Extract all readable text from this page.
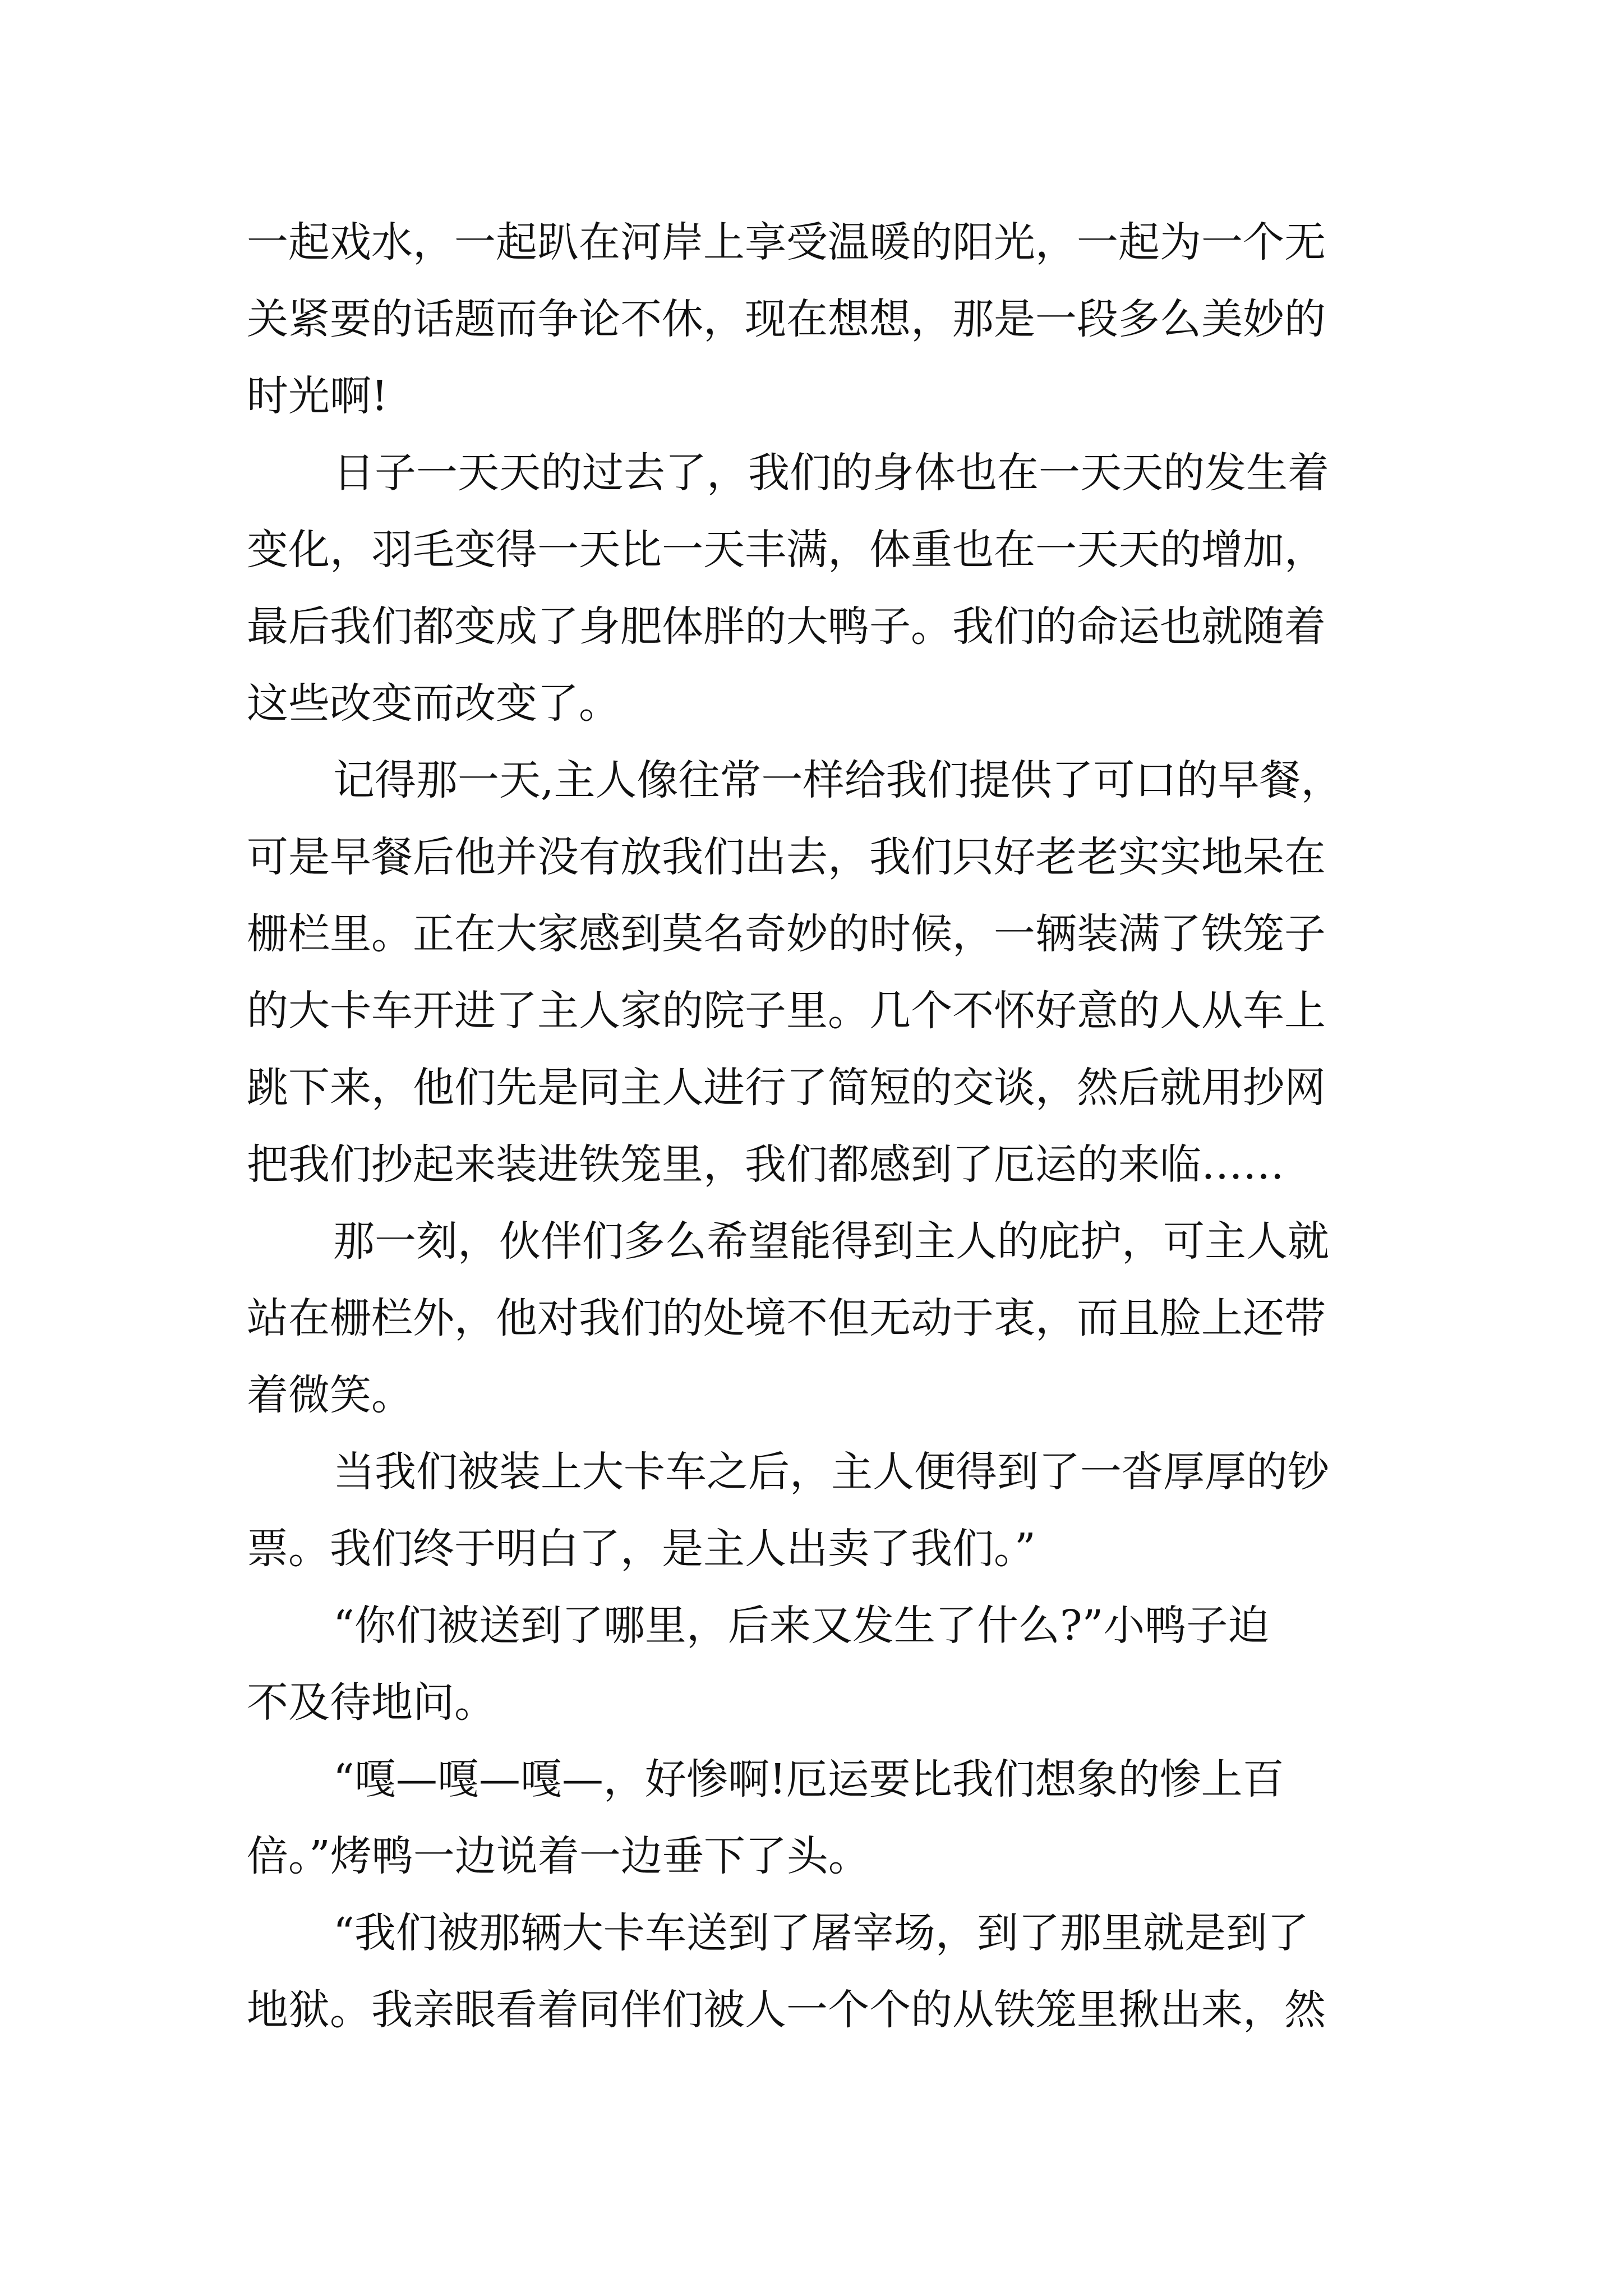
一起戏水，一起趴在河岸上享受温暖的阳光，一起为一个无

关紧要的话题而争论不休，现在想想，那是一段多么美妙的

时光啊!

日子一天天的过去了，我们的身体也在一天天的发生着

变化，羽毛变得一天比一天丰满，体重也在一天天的增加，

最后我们都变成了身肥体胖的大鸭子。我们的命运也就随着

这些改变而改变了。

记得那一天,主人像往常一样给我们提供了可口的早餐，

可是早餐后他并没有放我们出去，我们只好老老实实地呆在

栅栏里。正在大家感到莫名奇妙的时候，一辆装满了铁笼子

的大卡车开进了主人家的院子里。几个不怀好意的人从车上

跳下来，他们先是同主人进行了简短的交谈，然后就用抄网

把我们抄起来装进铁笼里，我们都感到了厄运的来临……

那一刻，伙伴们多么希望能得到主人的庇护，可主人就

站在栅栏外，他对我们的处境不但无动于衷，而且脸上还带

着微笑。

当我们被装上大卡车之后，主人便得到了一沓厚厚的钞

票。我们终于明白了，是主人出卖了我们。”

“你们被送到了哪里，后来又发生了什么?”小鸭子迫

不及待地问。

“嘎—嘎—嘎—，好惨啊!厄运要比我们想象的惨上百

倍。”烤鸭一边说着一边垂下了头。

“我们被那辆大卡车送到了屠宰场，到了那里就是到了

地狱。我亲眼看着同伴们被人一个个的从铁笼里揪出来，然
